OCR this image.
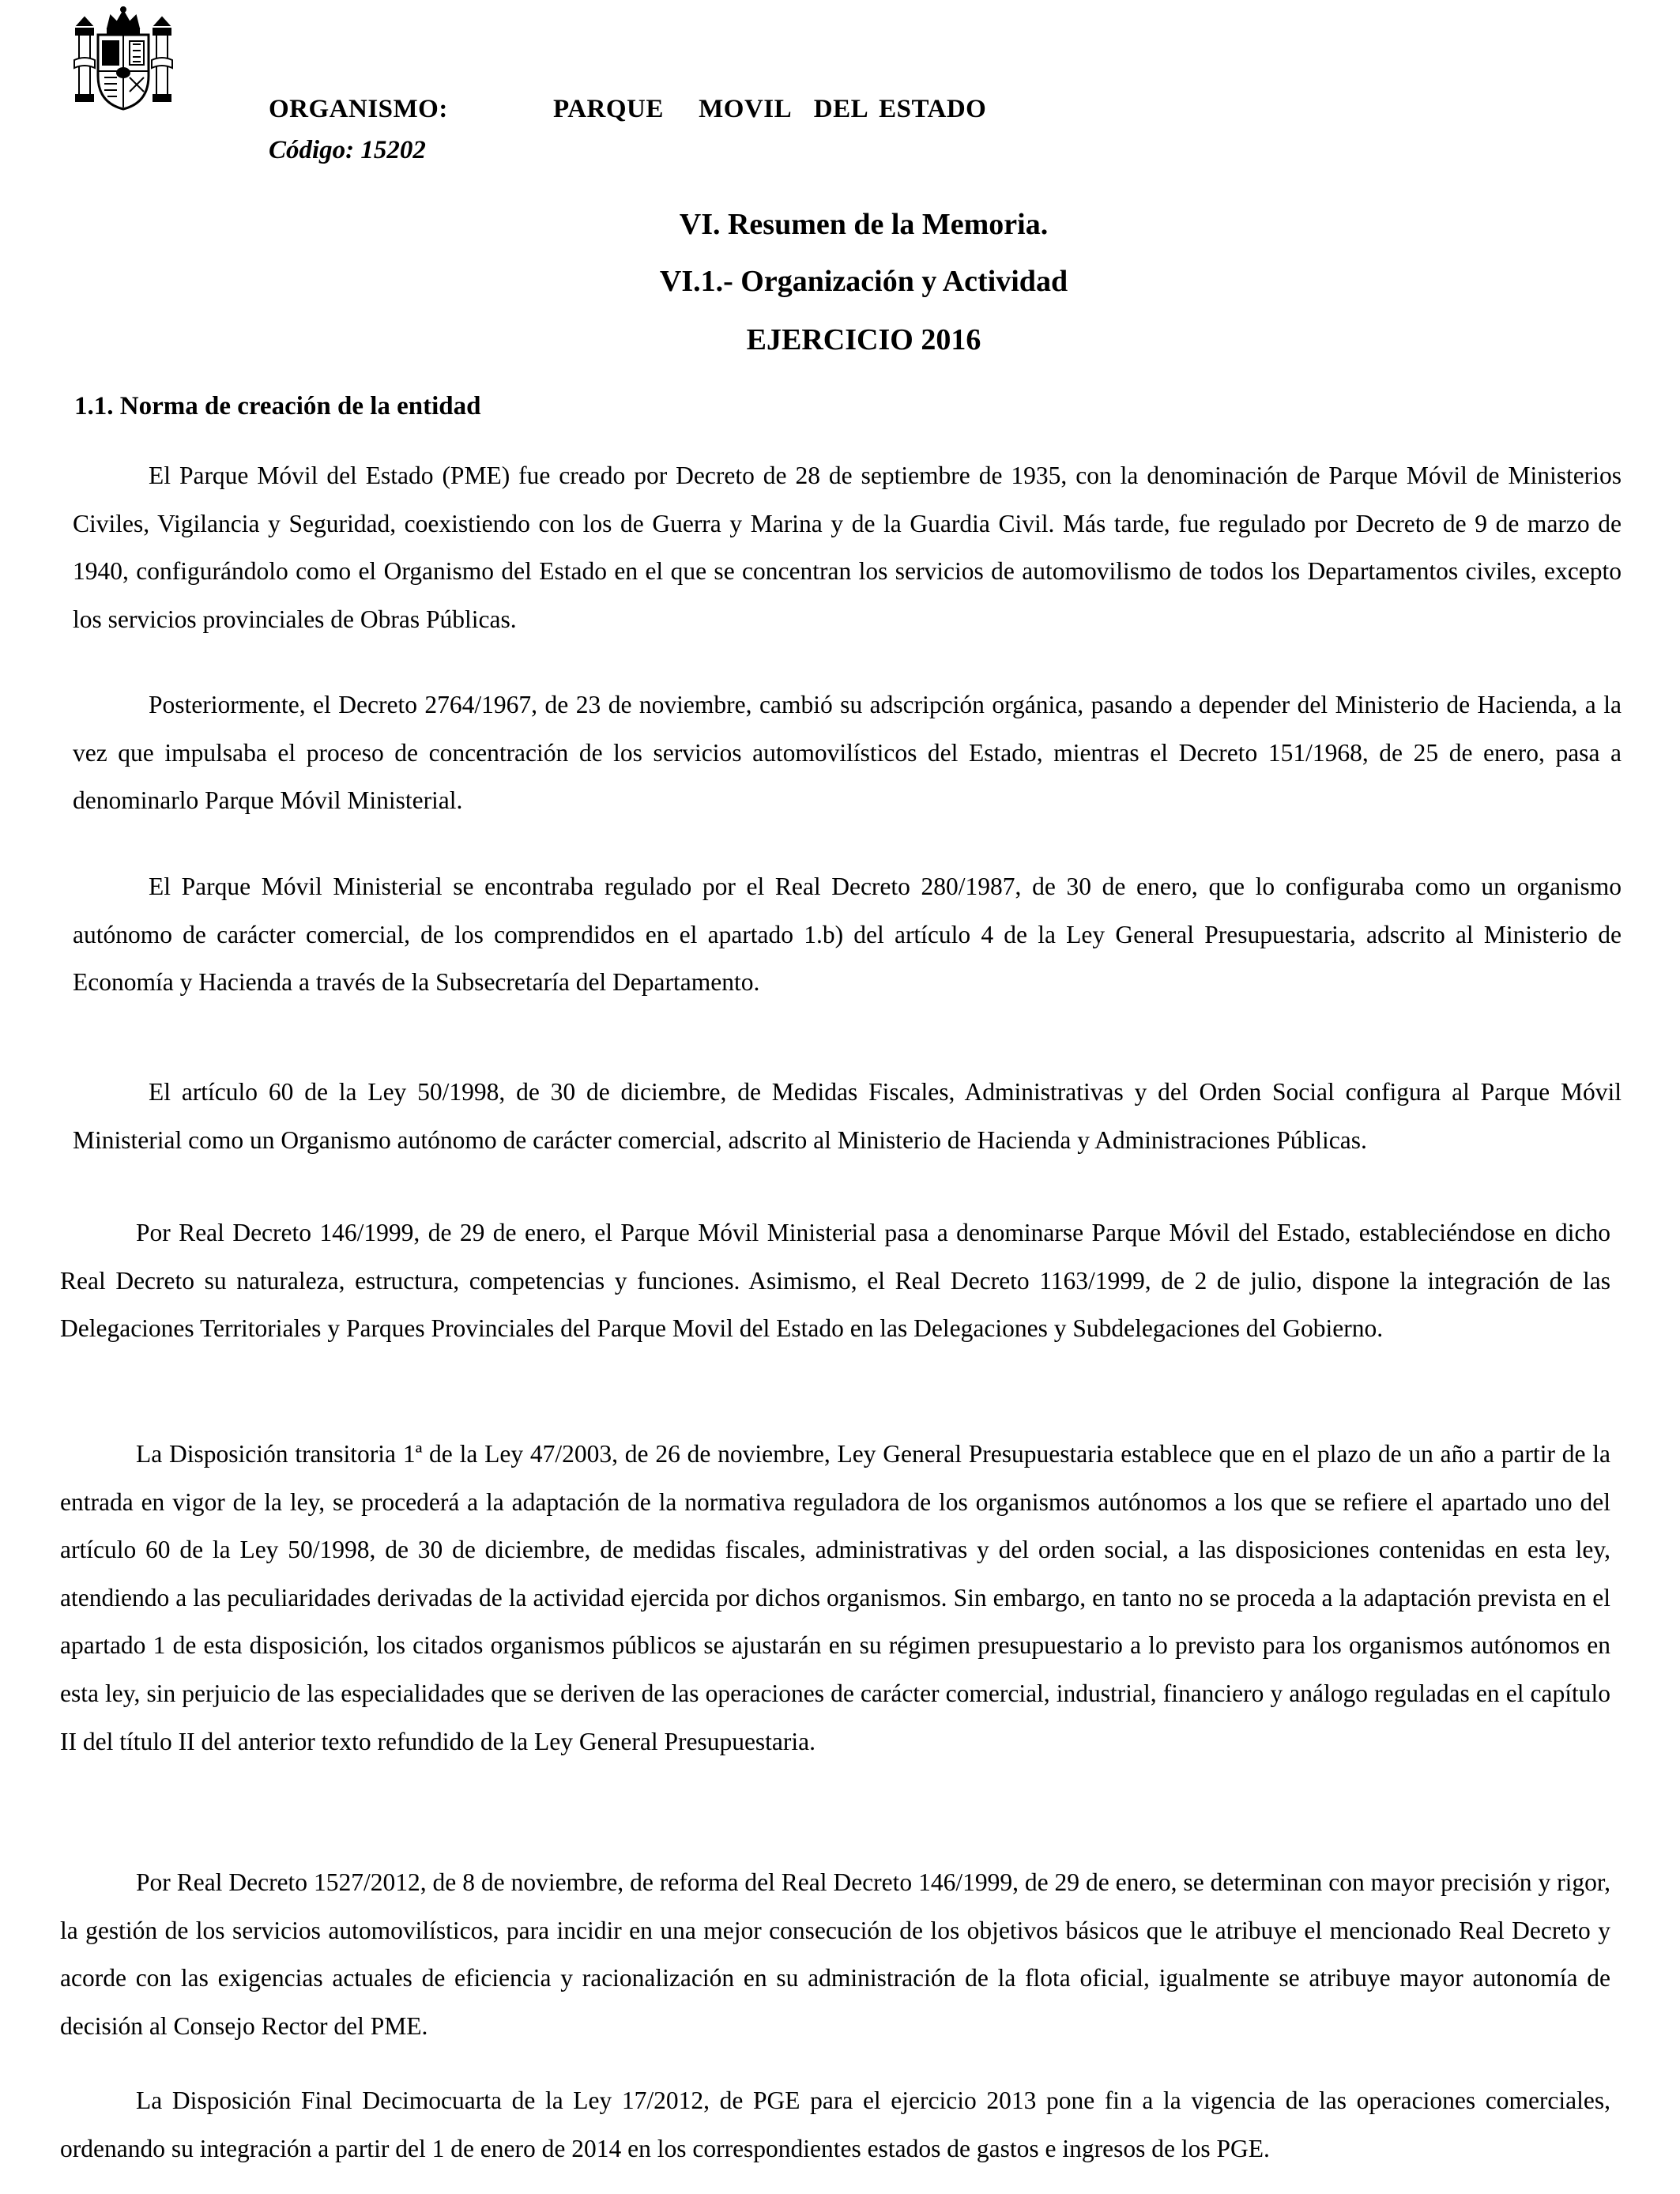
ORGANISMO:	PARQUE   MOVIL  DEL ESTADO
Código: 15202
VI. Resumen de la Memoria.
VI.1.- Organización y Actividad
EJERCICIO 2016
1.1. Norma de creación de la entidad

El Parque Móvil del Estado (PME) fue creado por Decreto de 28 de septiembre de 1935, con la denominación de Parque Móvil de Ministerios Civiles, Vigilancia y Seguridad, coexistiendo con los de Guerra y Marina y de la Guardia Civil. Más tarde, fue regulado por Decreto de 9 de marzo de 1940, configurándolo como el Organismo del Estado en el que se concentran los servicios de automovilismo de todos los Departamentos civiles, excepto los servicios provinciales de Obras Públicas.

Posteriormente, el Decreto 2764/1967, de 23 de noviembre, cambió su adscripción orgánica, pasando a depender del Ministerio de Hacienda, a la vez que impulsaba el proceso de concentración de los servicios automovilísticos del Estado, mientras el Decreto 151/1968, de 25 de enero, pasa a denominarlo Parque Móvil Ministerial.

El Parque Móvil Ministerial se encontraba regulado por el Real Decreto 280/1987, de 30 de enero, que lo configuraba como un organismo autónomo de carácter comercial, de los comprendidos en el apartado 1.b) del artículo 4 de la Ley General Presupuestaria, adscrito al Ministerio de Economía y Hacienda a través de la Subsecretaría del Departamento.

El artículo 60 de la Ley 50/1998, de 30 de diciembre, de Medidas Fiscales, Administrativas y del Orden Social configura al Parque Móvil Ministerial como un Organismo autónomo de carácter comercial, adscrito al Ministerio de Hacienda y Administraciones Públicas.

Por Real Decreto 146/1999, de 29 de enero, el Parque Móvil Ministerial pasa a denominarse Parque Móvil del Estado, estableciéndose en dicho Real Decreto su naturaleza, estructura, competencias y funciones. Asimismo, el Real Decreto 1163/1999, de 2 de julio, dispone la integración de las Delegaciones Territoriales y Parques Provinciales del Parque Movil del Estado en las Delegaciones y Subdelegaciones del Gobierno.

La Disposición transitoria 1ª de la Ley 47/2003, de 26 de noviembre, Ley General Presupuestaria establece que en el plazo de un año a partir de la entrada en vigor de la ley, se procederá a la adaptación de la normativa reguladora de los organismos autónomos a los que se refiere el apartado uno del artículo 60 de la Ley 50/1998, de 30 de diciembre, de medidas fiscales, administrativas y del orden social, a las disposiciones contenidas en esta ley, atendiendo a las peculiaridades derivadas de la actividad ejercida por dichos organismos. Sin embargo, en tanto no se proceda a la adaptación prevista en el apartado 1 de esta disposición, los citados organismos públicos se ajustarán en su régimen presupuestario a lo previsto para los organismos autónomos en esta ley, sin perjuicio de las especialidades que se deriven de las operaciones de carácter comercial, industrial, financiero y análogo reguladas en el capítulo II del título II del anterior texto refundido de la Ley General Presupuestaria.

Por Real Decreto 1527/2012, de 8 de noviembre, de reforma del Real Decreto 146/1999, de 29 de enero, se determinan con mayor precisión y rigor, la gestión de los servicios automovilísticos, para incidir en una mejor consecución de los objetivos básicos que le atribuye el mencionado Real Decreto y acorde con las exigencias actuales de eficiencia y racionalización en su administración de la flota oficial, igualmente se atribuye mayor autonomía de decisión al Consejo Rector del PME.

La Disposición Final Decimocuarta de la Ley 17/2012, de PGE para el ejercicio 2013 pone fin a la vigencia de las operaciones comerciales, ordenando su integración a partir del 1 de enero de 2014 en los correspondientes estados de gastos e ingresos de los PGE.
